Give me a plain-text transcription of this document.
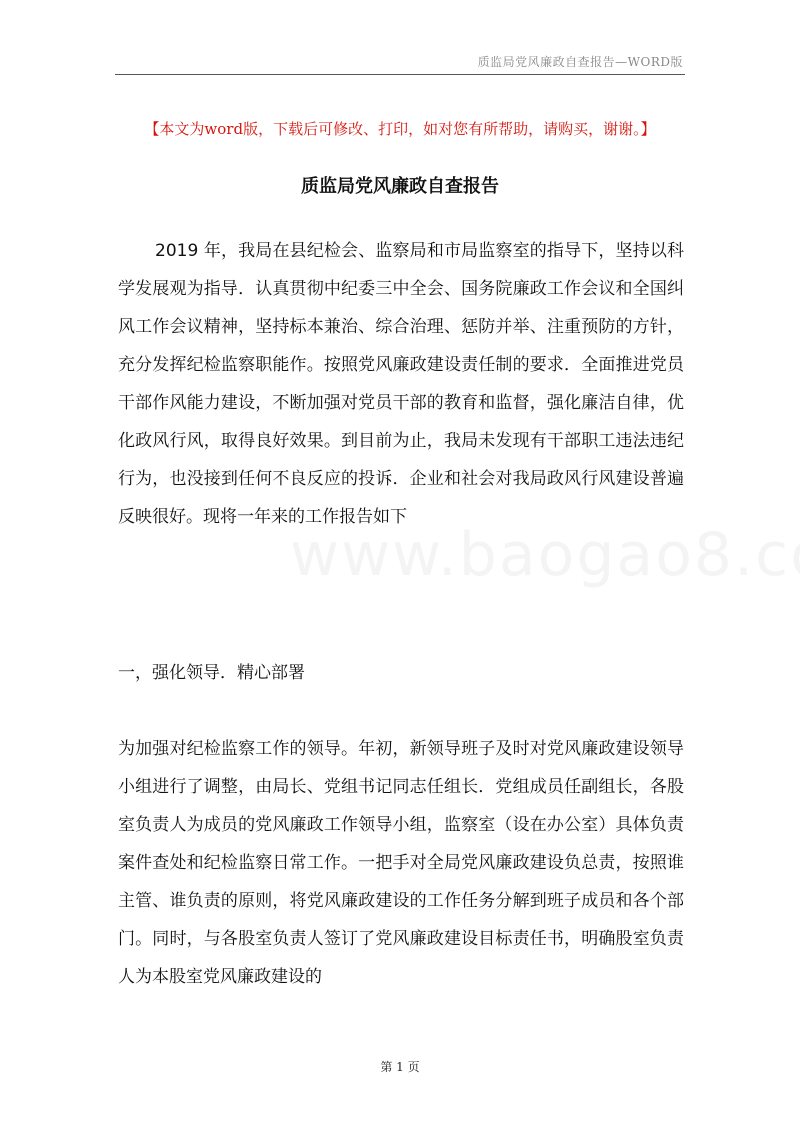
质监局党风廉政自查报告—WORD版
【本文为word版，下载后可修改、打印，如对您有所帮助，请购买，谢谢。】
质监局党风廉政自查报告

2019 年，我局在县纪检会、监察局和市局监察室的指导下，坚持以科学发展观为指导．认真贯彻中纪委三中全会、国务院廉政工作会议和全国纠风工作会议精神，坚持标本兼治、综合治理、惩防并举、注重预防的方针，充分发挥纪检监察职能作。按照党风廉政建设责任制的要求．全面推进党员干部作风能力建设，不断加强对党员干部的教育和监督，强化廉洁自律，优化政风行风，取得良好效果。到目前为止，我局未发现有干部职工违法违纪行为，也没接到任何不良反应的投诉．企业和社会对我局政风行风建设普遍反映很好。现将一年来的工作报告如下

一，强化领导．精心部署

为加强对纪检监察工作的领导。年初，新领导班子及时对党风廉政建设领导小组进行了调整，由局长、党组书记同志任组长．党组成员任副组长，各股室负责人为成员的党风廉政工作领导小组，监察室（设在办公室）具体负责案件查处和纪检监察日常工作。一把手对全局党风廉政建设负总责，按照谁主管、谁负责的原则，将党风廉政建设的工作任务分解到班子成员和各个部门。同时，与各股室负责人签订了党风廉政建设目标责任书，明确股室负责人为本股室党风廉政建设的

第 1 页
